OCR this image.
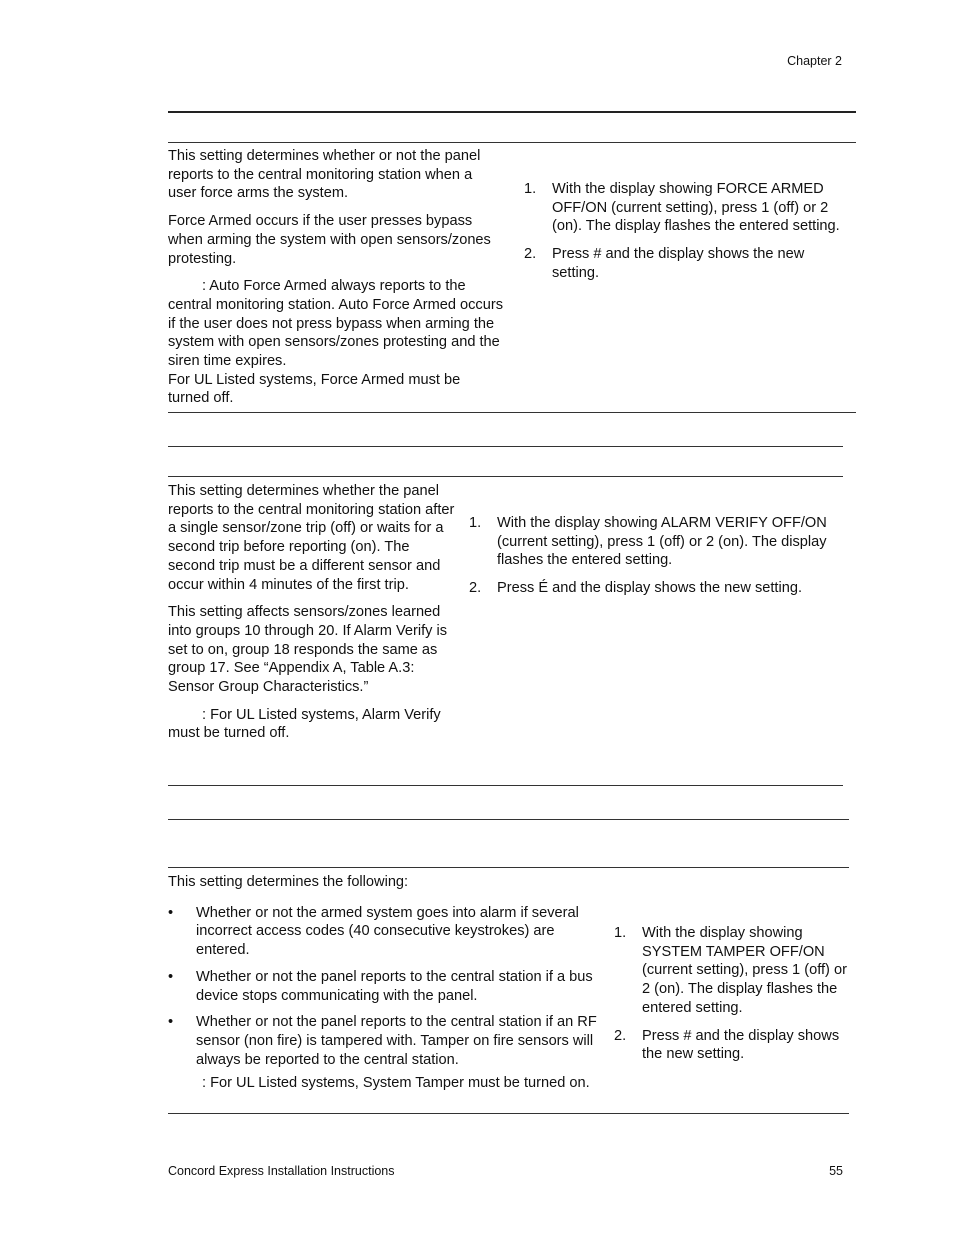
Chapter 2

This setting determines whether or not the panel reports to the central monitoring station when a user force arms the system.

Force Armed occurs if the user presses bypass when arming the system with open sensors/zones protesting.

: Auto Force Armed always reports to the central monitoring station. Auto Force Armed occurs if the user does not press bypass when arming the system with open sensors/zones protesting and the siren time expires.
For UL Listed systems, Force Armed must be turned off.

1. With the display showing FORCE ARMED OFF/ON (current setting), press 1 (off) or 2 (on). The display flashes the entered setting.
2. Press # and the display shows the new setting.

This setting determines whether the panel reports to the central monitoring station after a single sensor/zone trip (off) or waits for a second trip before reporting (on). The second trip must be a different sensor and occur within 4 minutes of the first trip.

This setting affects sensors/zones learned into groups 10 through 20. If Alarm Verify is set to on, group 18 responds the same as group 17. See “Appendix A, Table A.3: Sensor Group Characteristics.”

: For UL Listed systems, Alarm Verify must be turned off.

1. With the display showing ALARM VERIFY OFF/ON (current setting), press 1 (off) or 2 (on). The display flashes the entered setting.
2. Press É and the display shows the new setting.

This setting determines the following:

• Whether or not the armed system goes into alarm if several incorrect access codes (40 consecutive keystrokes) are entered.
• Whether or not the panel reports to the central station if a bus device stops communicating with the panel.
• Whether or not the panel reports to the central station if an RF sensor (non fire) is tampered with. Tamper on fire sensors will always be reported to the central station.

: For UL Listed systems, System Tamper must be turned on.

1. With the display showing SYSTEM TAMPER OFF/ON (current setting), press 1 (off) or 2 (on). The display flashes the entered setting.
2. Press # and the display shows the new setting.
Concord Express Installation Instructions	55
